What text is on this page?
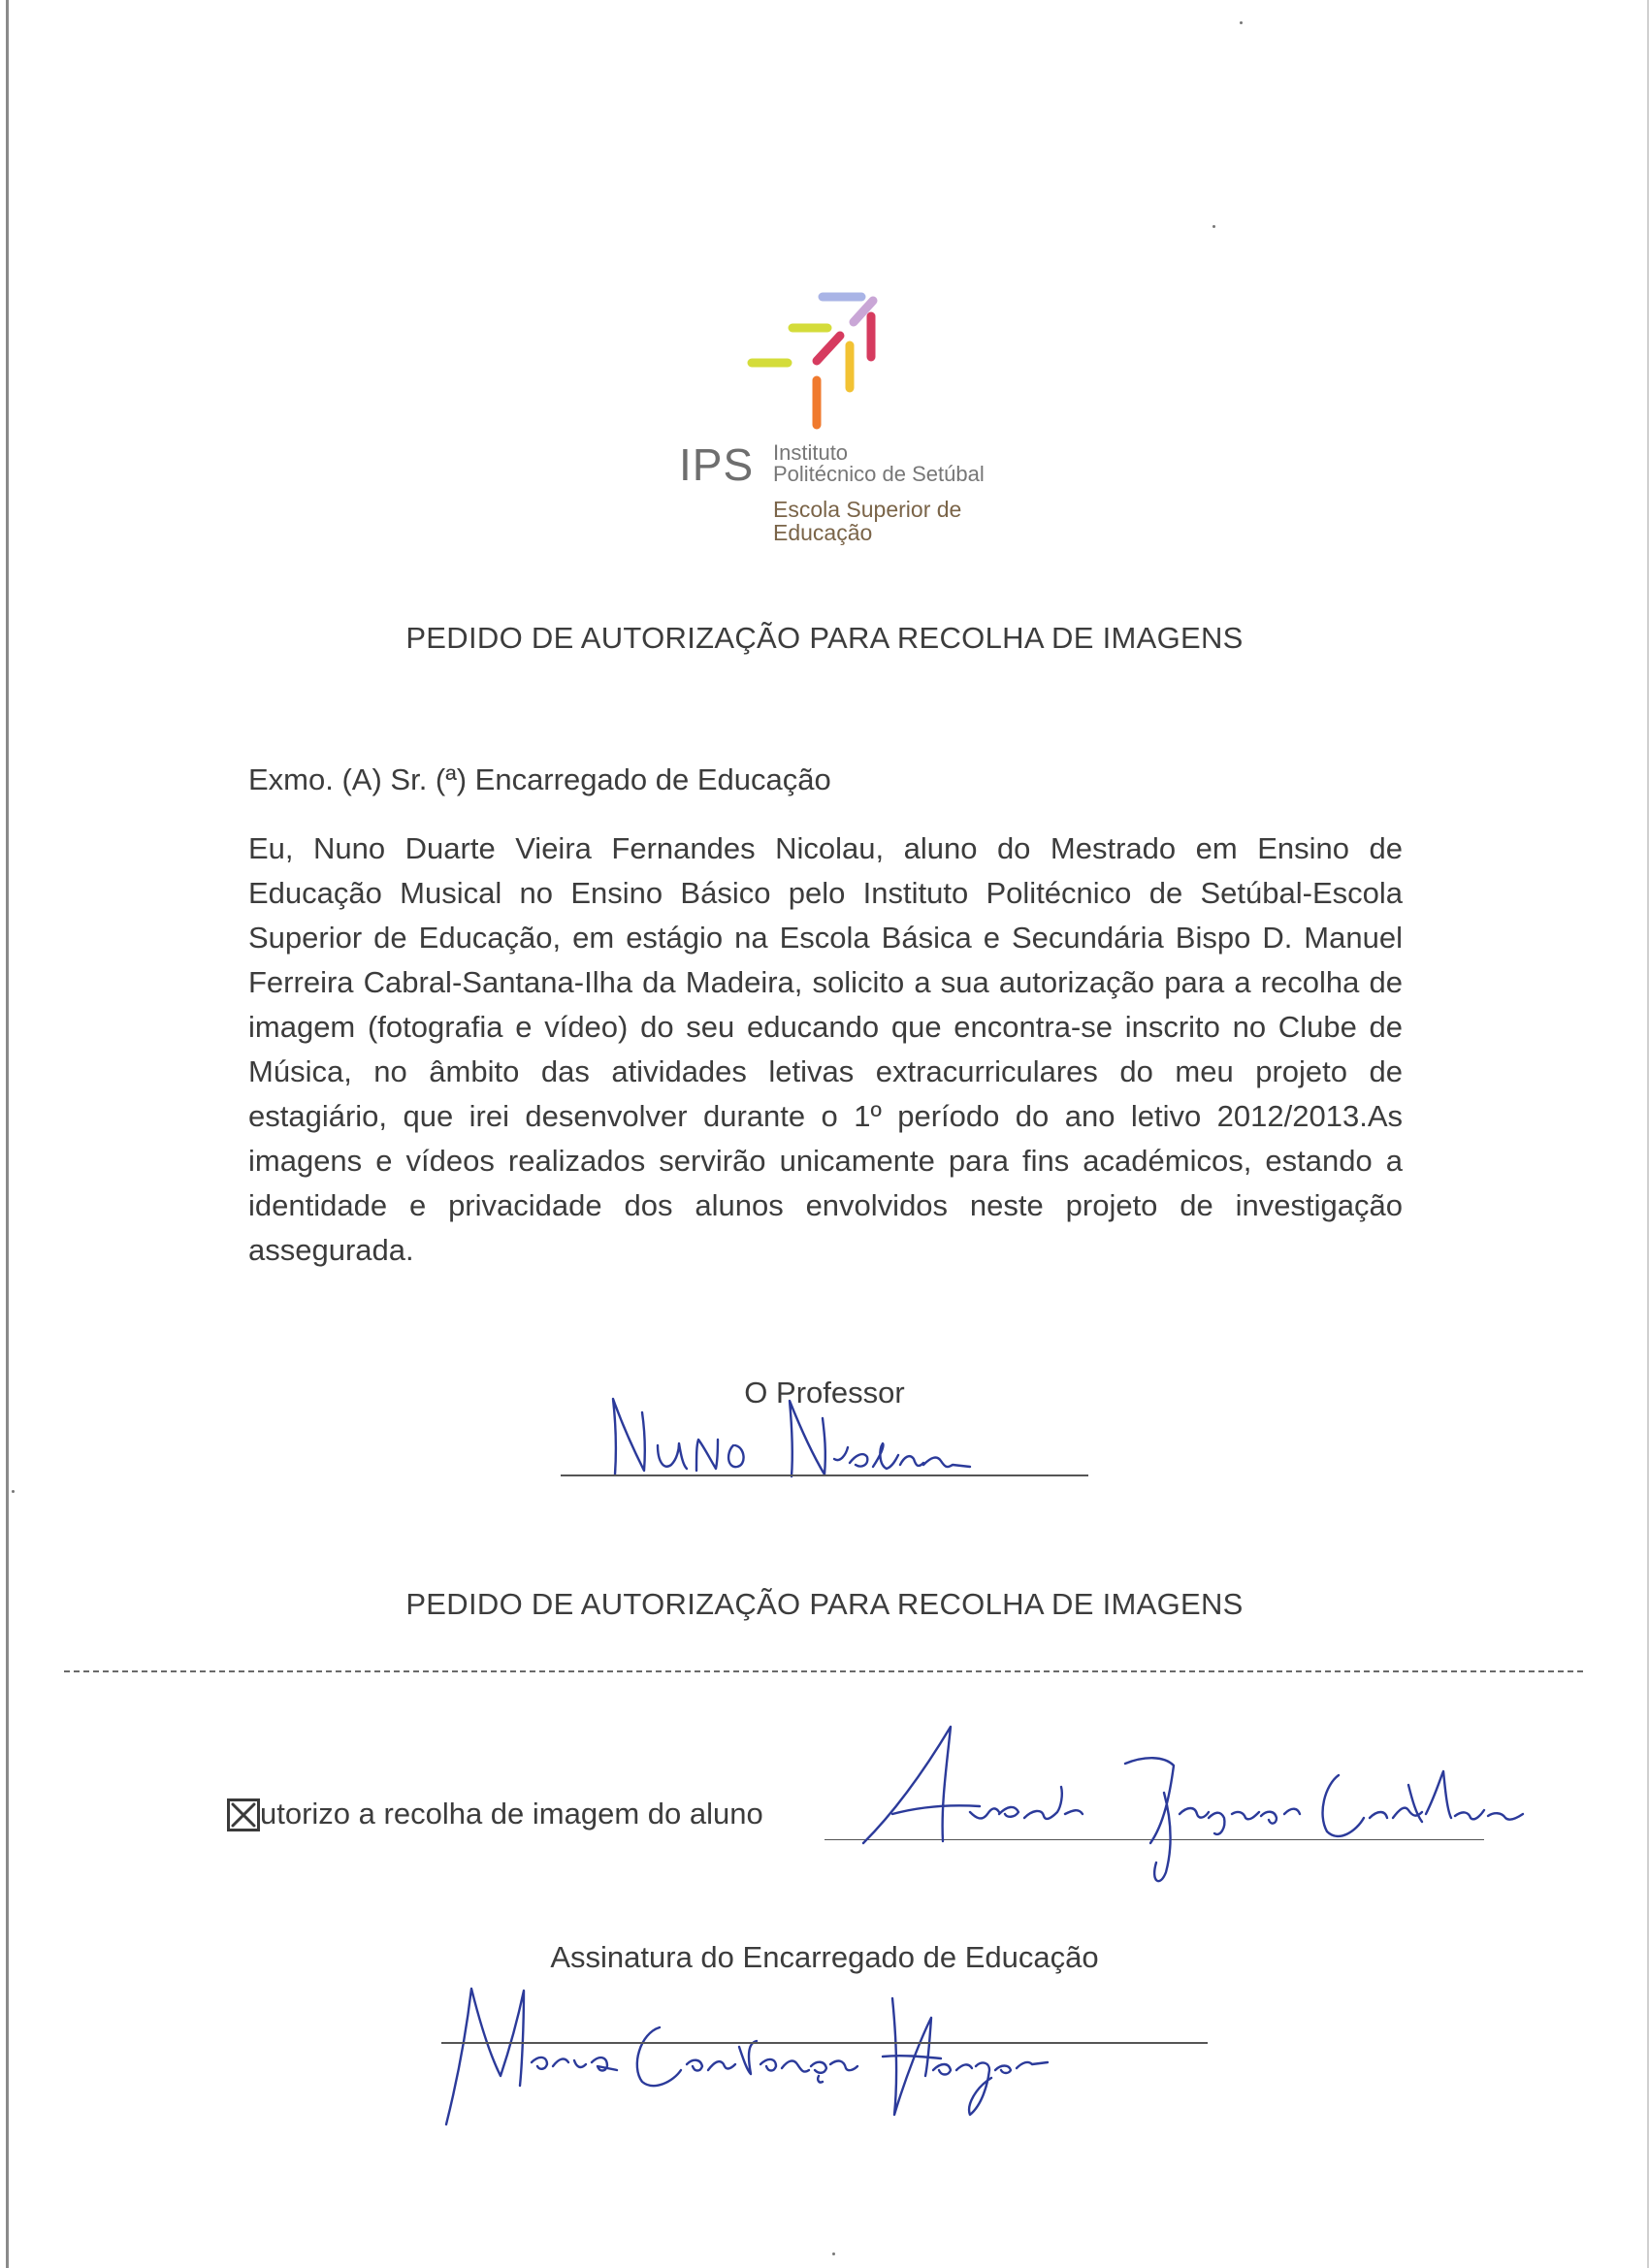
IPS Instituto
Politécnico de Setúbal
Escola Superior de
Educação
PEDIDO DE AUTORIZAÇÃO PARA RECOLHA DE IMAGENS
Exmo. (A) Sr. (ª) Encarregado de Educação
Eu, Nuno Duarte Vieira Fernandes Nicolau, aluno do Mestrado em Ensino de Educação Musical no Ensino Básico pelo Instituto Politécnico de Setúbal-Escola Superior de Educação, em estágio na Escola Básica e Secundária Bispo D. Manuel Ferreira Cabral-Santana-Ilha da Madeira, solicito a sua autorização para a recolha de imagem (fotografia e vídeo) do seu educando que encontra-se inscrito no Clube de Música, no âmbito das atividades letivas extracurriculares do meu projeto de estagiário, que irei desenvolver durante o 1º período do ano letivo 2012/2013.As imagens e vídeos realizados servirão unicamente para fins académicos, estando a identidade e privacidade dos alunos envolvidos neste projeto de investigação assegurada.
O Professor
PEDIDO DE AUTORIZAÇÃO PARA RECOLHA DE IMAGENS
utorizo a recolha de imagem do aluno
Assinatura do Encarregado de Educação
